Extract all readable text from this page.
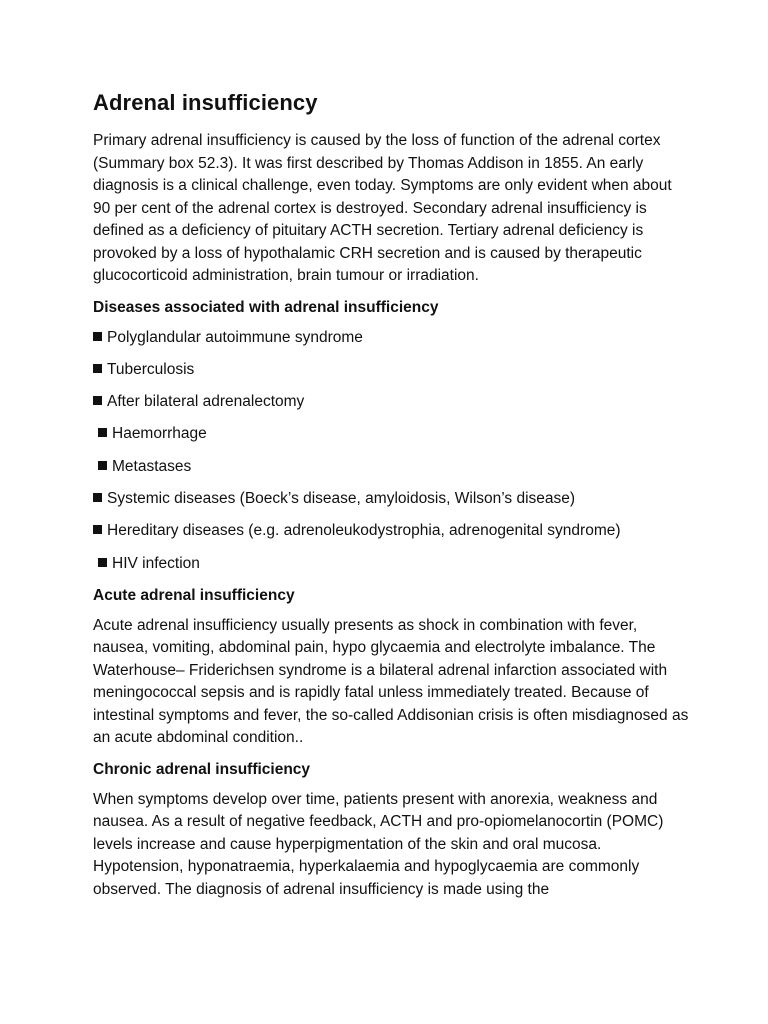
Adrenal insufficiency

Primary adrenal insufficiency is caused by the loss of function of the adrenal cortex (Summary box 52.3). It was first described by Thomas Addison in 1855. An early diagnosis is a clinical challenge, even today. Symptoms are only evident when about 90 per cent of the adrenal cortex is destroyed. Secondary adrenal insufficiency is defined as a deficiency of pituitary ACTH secretion. Tertiary adrenal deficiency is provoked by a loss of hypothalamic CRH secretion and is caused by therapeutic glucocorticoid administration, brain tumour or irradiation.

Diseases associated with adrenal insufficiency
Polyglandular autoimmune syndrome
Tuberculosis
After bilateral adrenalectomy
Haemorrhage
Metastases
Systemic diseases (Boeck’s disease, amyloidosis, Wilson’s disease)
Hereditary diseases (e.g. adrenoleukodystrophia, adrenogenital syndrome)
HIV infection
Acute adrenal insufficiency

Acute adrenal insufficiency usually presents as shock in combination with fever, nausea, vomiting, abdominal pain, hypo glycaemia and electrolyte imbalance. The Waterhouse– Friderichsen syndrome is a bilateral adrenal infarction associated with meningococcal sepsis and is rapidly fatal unless immediately treated. Because of intestinal symptoms and fever, the so-called Addisonian crisis is often misdiagnosed as an acute abdominal condition..

Chronic adrenal insufficiency

When symptoms develop over time, patients present with anorexia, weakness and nausea. As a result of negative feedback, ACTH and pro-opiomelanocortin (POMC) levels increase and cause hyperpigmentation of the skin and oral mucosa. Hypotension, hyponatraemia, hyperkalaemia and hypoglycaemia are commonly observed. The diagnosis of adrenal insufficiency is made using the
